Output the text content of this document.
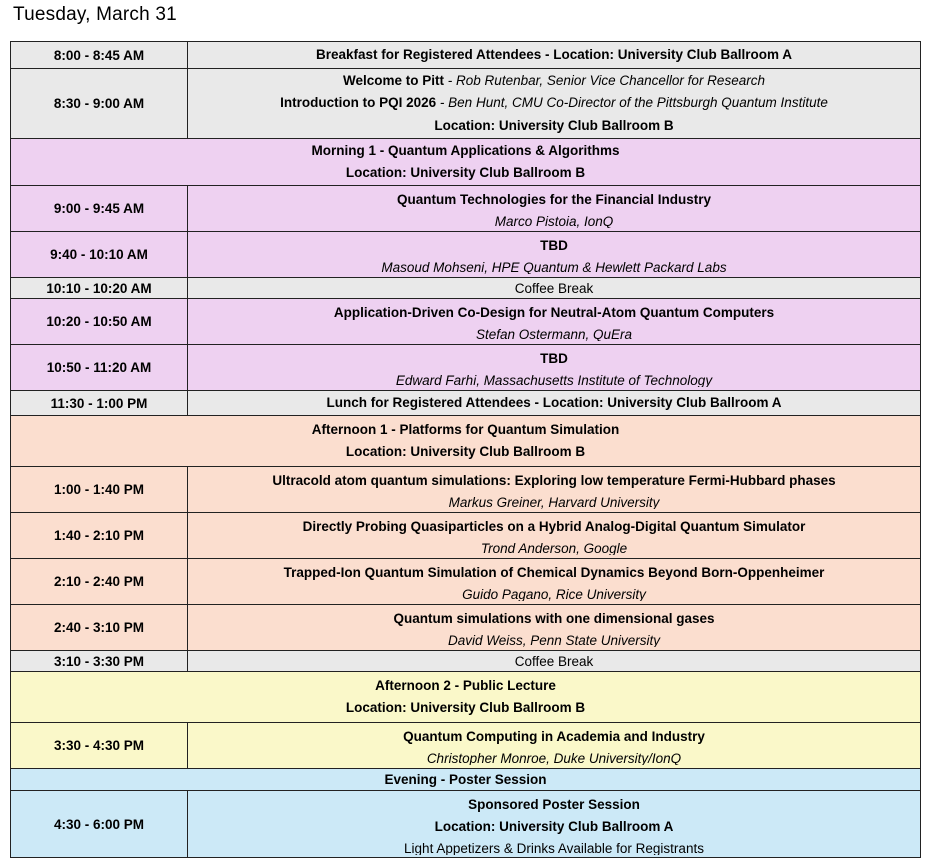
Tuesday, March 31
8:00 - 8:45 AM	Breakfast for Registered Attendees - Location: University Club Ballroom A

8:30 - 9:00 AM	Welcome to Pitt - Rob Rutenbar, Senior Vice Chancellor for Research
Introduction to PQI 2026 - Ben Hunt, CMU Co-Director of the Pittsburgh Quantum Institute
Location: University Club Ballroom B

Morning 1 - Quantum Applications & Algorithms
Location: University Club Ballroom B	

9:00 - 9:45 AM	Quantum Technologies for the Financial Industry
Marco Pistoia, IonQ

9:40 - 10:10 AM	TBD
Masoud Mohseni, HPE Quantum & Hewlett Packard Labs

10:10 - 10:20 AM	Coffee Break
10:20 - 10:50 AM	Application-Driven Co-Design for Neutral-Atom Quantum Computers
Stefan Ostermann, QuEra

10:50 - 11:20 AM	TBD
Edward Farhi, Massachusetts Institute of Technology

11:30 - 1:00 PM	Lunch for Registered Attendees - Location: University Club Ballroom A

Afternoon 1 - Platforms for Quantum Simulation
Location: University Club Ballroom B	

1:00 - 1:40 PM	Ultracold atom quantum simulations: Exploring low temperature Fermi-Hubbard phases
Markus Greiner, Harvard University

1:40 - 2:10 PM	Directly Probing Quasiparticles on a Hybrid Analog-Digital Quantum Simulator
Trond Anderson, Google

2:10 - 2:40 PM	Trapped-Ion Quantum Simulation of Chemical Dynamics Beyond Born-Oppenheimer
Guido Pagano, Rice University

2:40 - 3:10 PM	Quantum simulations with one dimensional gases
David Weiss, Penn State University

3:10 - 3:30 PM	Coffee Break

Afternoon 2 - Public Lecture
Location: University Club Ballroom B	

3:30 - 4:30 PM	Quantum Computing in Academia and Industry
Christopher Monroe, Duke University/IonQ

Evening - Poster Session	

4:30 - 6:00 PM	Sponsored Poster Session
Location: University Club Ballroom A
Light Appetizers & Drinks Available for Registrants
